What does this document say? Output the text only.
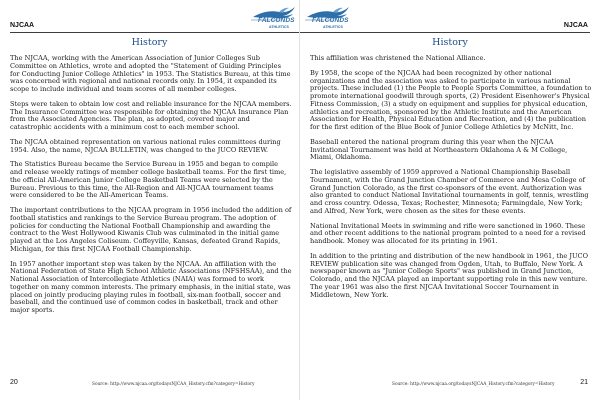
NJCAA
FALCONDS
ATHLETICS
History

The NJCAA, working with the American Association of Junior Colleges Sub Committee on Athletics, wrote and adopted the "Statement of Guiding Principles for Conducting Junior College Athletics" in 1953. The Statistics Bureau, at this time was concerned with regional and national records only. In 1954, it expanded its scope to include individual and team scores of all member colleges.

Steps were taken to obtain low cost and reliable insurance for the NJCAA members. The Insurance Committee was responsible for obtaining the NJCAA Insurance Plan from the Associated Agencies. The plan, as adopted, covered major and catastrophic accidents with a minimum cost to each member school.

The NJCAA obtained representation on various national rules committees during 1954. Also, the name, NJCAA BULLETIN, was changed to the JUCO REVIEW.

The Statistics Bureau became the Service Bureau in 1955 and began to compile and release weekly ratings of member college basketball teams. For the first time, the official All-American Junior College Basketball Teams were selected by the Bureau. Previous to this time, the All-Region and All-NJCAA tournament teams were considered to be the All-American Teams.

The important contributions to the NJCAA program in 1956 included the addition of football statistics and rankings to the Service Bureau program. The adoption of policies for conducting the National Football Championship and awarding the contract to the West Hollywood Kiwanis Club was culminated in the initial game played at the Los Angeles Coliseum. Coffeyville, Kansas, defeated Grand Rapids, Michigan, for this first NJCAA Football Championship.

In 1957 another important step was taken by the NJCAA. An affiliation with the National Federation of State High School Athletic Associations (NFSHSAA), and the National Association of Intercollegiate Athletics (NAIA) was formed to work together on many common interests. The primary emphasis, in the initial state, was placed on jointly producing playing rules in football, six-man football, soccer and baseball, and the continued use of common codes in basketball, track and other major sports.

20	Source: http://www.njcaa.org/todaysNJCAA_History.cfm?category=History
NJCAA
FALCONDS
ATHLETICS
History

This affiliation was christened the National Alliance.

By 1958, the scope of the NJCAA had been recognized by other national organizations and the association was asked to participate in various national projects. These included (1) the People to People Sports Committee, a foundation to promote international goodwill through sports, (2) President Eisenhower's Physical Fitness Commission, (3) a study on equipment and supplies for physical education, athletics and recreation, sponsored by the Athletic Institute and the American Association for Health, Physical Education and Recreation, and (4) the publication for the first edition of the Blue Book of Junior College Athletics by McNitt, Inc.

Baseball entered the national program during this year when the NJCAA Invitational Tournament was held at Northeastern Oklahoma A & M College, Miami, Oklahoma.

The legislative assembly of 1959 approved a National Championship Baseball Tournament, with the Grand Junction Chamber of Commerce and Mesa College of Grand Junction Colorado, as the first co-sponsors of the event. Authorization was also granted to conduct National Invitational tournaments in golf, tennis, wrestling and cross country. Odessa, Texas; Rochester, Minnesota; Farmingdale, New York; and Alfred, New York, were chosen as the sites for these events.

National Invitational Meets in swimming and rifle were sanctioned in 1960. These and other recent additions to the national program pointed to a need for a revised handbook. Money was allocated for its printing in 1961.

In addition to the printing and distribution of the new handbook in 1961, the JUCO REVIEW publication site was changed from Ogden, Utah, to Buffalo, New York. A newspaper known as "Junior College Sports" was published in Grand Junction, Colorado, and the NJCAA played an important supporting role in this new venture. The year 1961 was also the first NJCAA Invitational Soccer Tournament in Middletown, New York.

21
Source: http://www.njcaa.org/todaysNJCAA_History.cfm?category=History
